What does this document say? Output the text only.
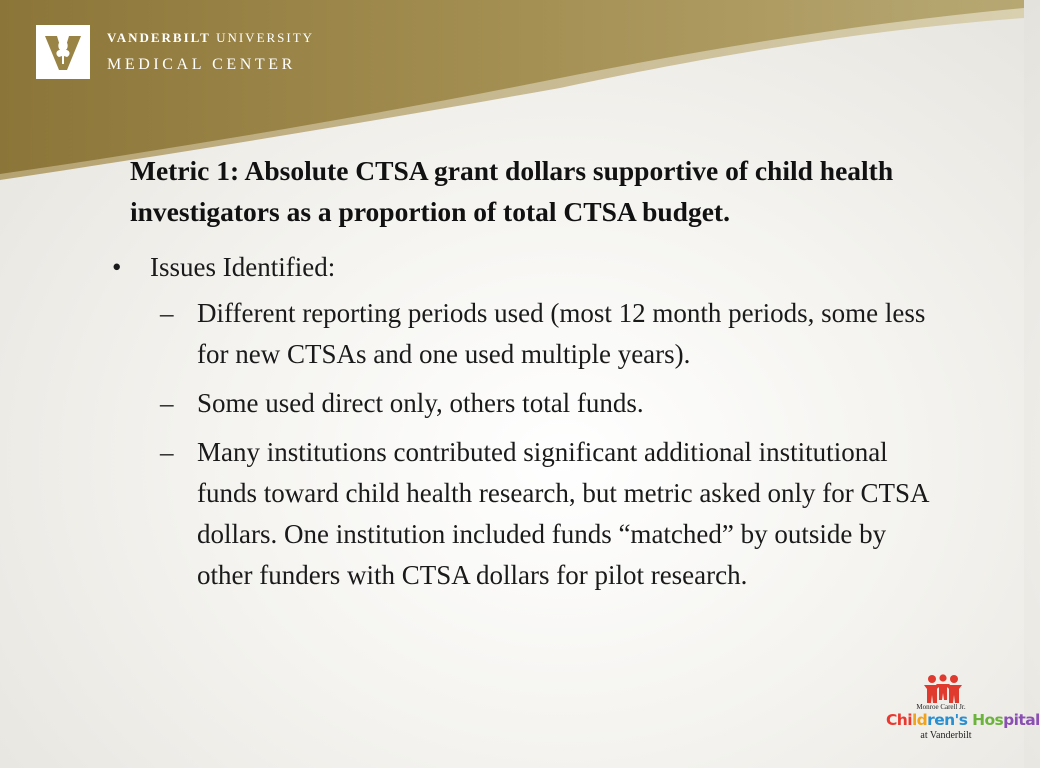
VANDERBILT UNIVERSITY
MEDICAL CENTER
Metric 1: Absolute CTSA grant dollars supportive of child health investigators as a proportion of total CTSA budget.
•	Issues Identified:
– Different reporting periods used (most 12 month periods, some less for new CTSAs and one used multiple years).
– Some used direct only, others total funds.
– Many institutions contributed significant additional institutional funds toward child health research, but metric asked only for CTSA dollars. One institution included funds “matched” by outside by other funders with CTSA dollars for pilot research.
Monroe Carell Jr.
Children's Hospital
at Vanderbilt
